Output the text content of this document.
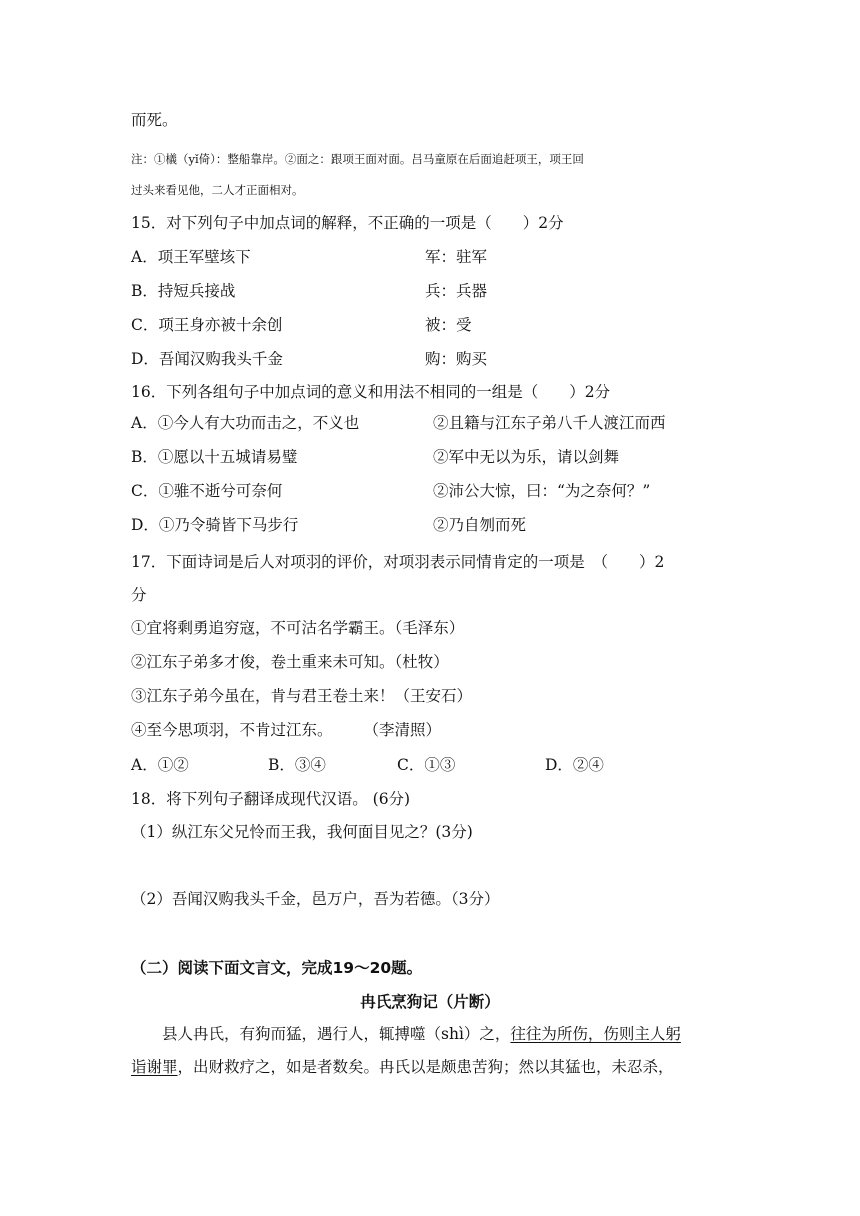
而死。
注：①檥（yǐ倚）：整船靠岸。②面之：跟项王面对面。吕马童原在后面追赶项王，项王回
过头来看见他，二人才正面相对。
15．对下列句子中加点词的解释，不正确的一项是（　　）2分
A．项王军壁垓下	军：驻军
B．持短兵接战	兵：兵器
C．项王身亦被十余创	被：受
D．吾闻汉购我头千金	购：购买
16．下列各组句子中加点词的意义和用法不相同的一组是（　　）2分
A．①今人有大功而击之，不义也	②且籍与江东子弟八千人渡江而西
B．①愿以十五城请易璧	②军中无以为乐，请以剑舞
C．①骓不逝兮可奈何	②沛公大惊，曰：“为之奈何？”
D．①乃令骑皆下马步行	②乃自刎而死
17．下面诗词是后人对项羽的评价，对项羽表示同情肯定的一项是　（　　）2
分
①宜将剩勇追穷寇，不可沽名学霸王。（毛泽东）
②江东子弟多才俊，卷土重来未可知。（杜牧）
③江东子弟今虽在，肯与君王卷土来！（王安石）
④至今思项羽，不肯过江东。　　　（李清照）
A．①②	B．③④	C．①③	D．②④
18．将下列句子翻译成现代汉语。 (6分)
（1）纵江东父兄怜而王我，我何面目见之？(3分)
（2）吾闻汉购我头千金，邑万户，吾为若德。（3分）
（二）阅读下面文言文，完成19～20题。
冉氏烹狗记（片断）
　　县人冉氏，有狗而猛，遇行人，辄搏噬（shì）之，往往为所伤，伤则主人躬
诣谢罪，出财救疗之，如是者数矣。冉氏以是颇患苦狗；然以其猛也，未忍杀，
